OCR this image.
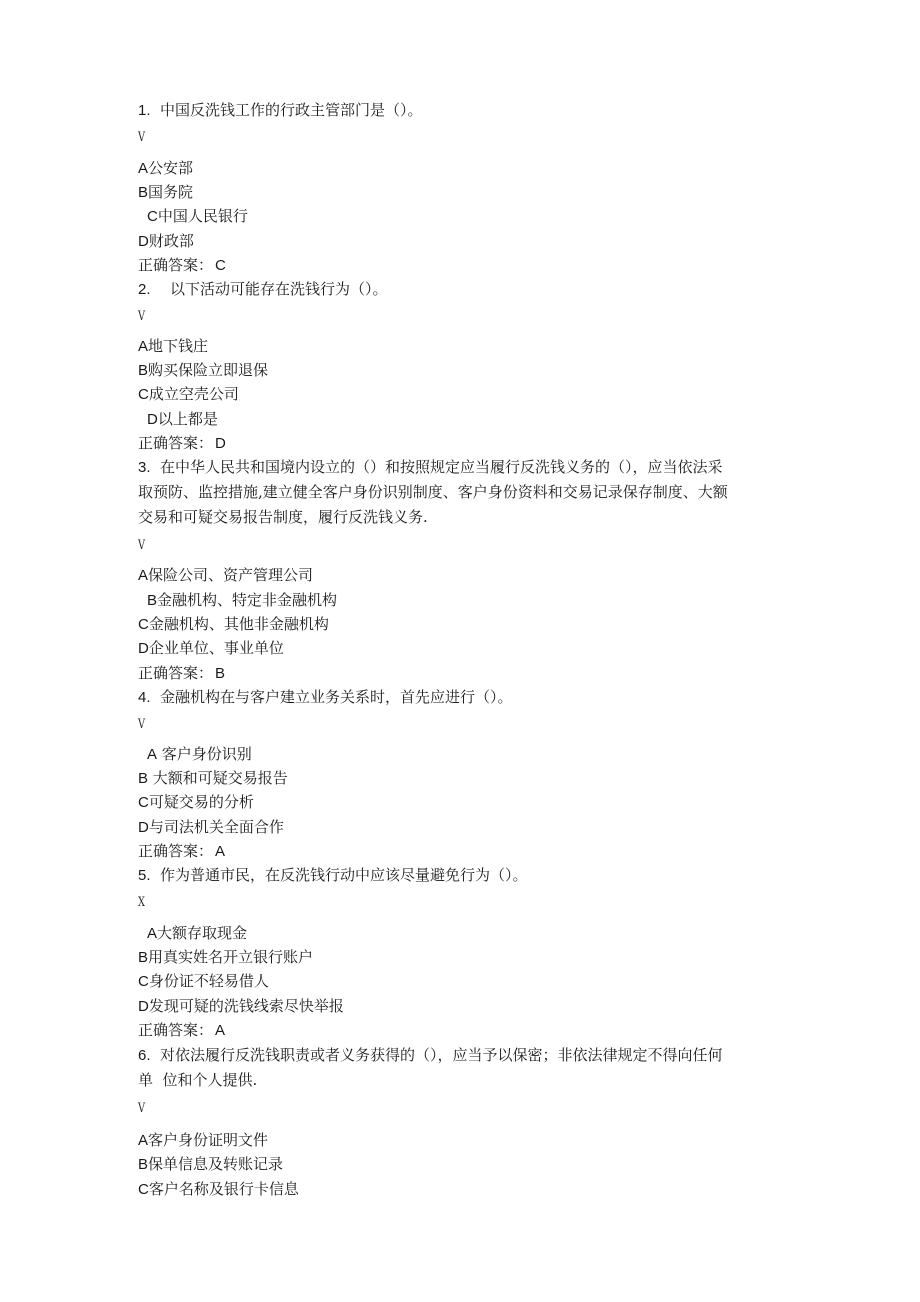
1. 中国反洗钱工作的行政主管部门是（）。
V
A公安部
B国务院
C中国人民银行
D财政部
正确答案： C
2. 以下活动可能存在洗钱行为（）。
V
A地下钱庄
B购买保险立即退保
C成立空壳公司
D以上都是
正确答案： D
3. 在中华人民共和国境内设立的（）和按照规定应当履行反洗钱义务的（），应当依法采
取预防、监控措施,建立健全客户身份识别制度、客户身份资料和交易记录保存制度、大额
交易和可疑交易报告制度，履行反洗钱义务.
V
A保险公司、资产管理公司
B金融机构、特定非金融机构
C金融机构、其他非金融机构
D企业单位、事业单位
正确答案： B
4. 金融机构在与客户建立业务关系时，首先应进行（）。
V
A 客户身份识别
B 大额和可疑交易报告
C可疑交易的分析
D与司法机关全面合作
正确答案： A
5. 作为普通市民，在反洗钱行动中应该尽量避免行为（）。
X
A大额存取现金
B用真实姓名开立银行账户
C身份证不轻易借人
D发现可疑的洗钱线索尽快举报
正确答案： A
6. 对依法履行反洗钱职责或者义务获得的（），应当予以保密；非依法律规定不得向任何
单  位和个人提供.
V
A客户身份证明文件
B保单信息及转账记录
C客户名称及银行卡信息
